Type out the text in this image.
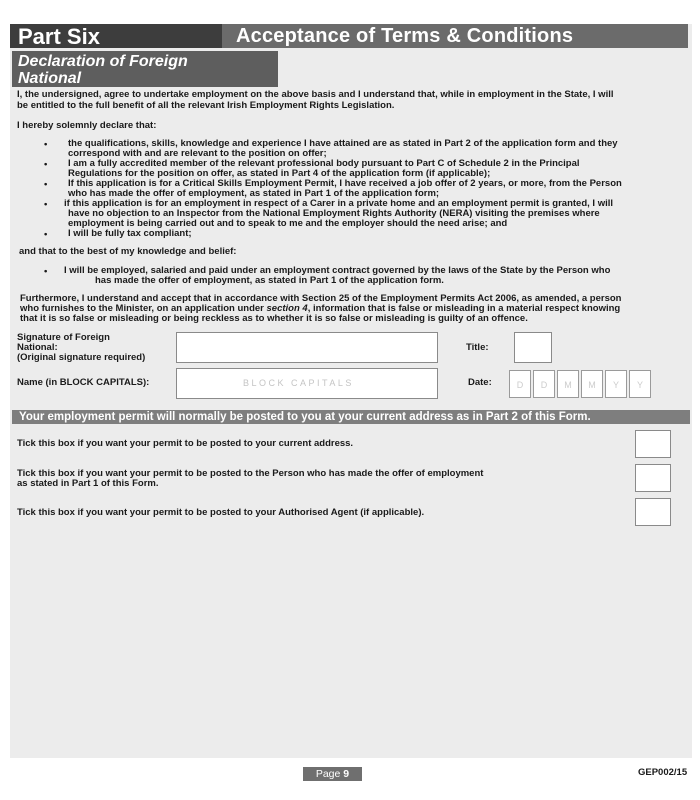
Part Six	Acceptance of Terms & Conditions
Declaration of Foreign
National
I, the undersigned, agree to undertake employment on the above basis and I understand that, while in employment in the State, I will
be entitled to the full benefit of all the relevant Irish Employment Rights Legislation.
I hereby solemnly declare that:
• the qualifications, skills, knowledge and experience I have attained are as stated in Part 2 of the application form and they
correspond with and are relevant to the position on offer;
• I am a fully accredited member of the relevant professional body pursuant to Part C of Schedule 2 in the Principal
Regulations for the position on offer, as stated in Part 4 of the application form (if applicable);
• If this application is for a Critical Skills Employment Permit, I have received a job offer of 2 years, or more, from the Person
who has made the offer of employment, as stated in Part 1 of the application form;
• if this application is for an employment in respect of a Carer in a private home and an employment permit is granted, I will
have no objection to an Inspector from the National Employment Rights Authority (NERA) visiting the premises where
employment is being carried out and to speak to me and the employer should the need arise; and
• I will be fully tax compliant;
and that to the best of my knowledge and belief:
• I will be employed, salaried and paid under an employment contract governed by the laws of the State by the Person who
has made the offer of employment, as stated in Part 1 of the application form.
Furthermore, I understand and accept that in accordance with Section 25 of the Employment Permits Act 2006, as amended, a person
who furnishes to the Minister, on an application under section 4, information that is false or misleading in a material respect knowing
that it is so false or misleading or being reckless as to whether it is so false or misleading is guilty of an offence.
Signature of Foreign
National:
(Original signature required)
Title:
Name (in BLOCK CAPITALS):	BLOCK CAPITALS	Date:	D	D	M	M	Y	Y
Your employment permit will normally be posted to you at your current address as in Part 2 of this Form.
Tick this box if you want your permit to be posted to your current address.
Tick this box if you want your permit to be posted to the Person who has made the offer of employment
as stated in Part 1 of this Form.
Tick this box if you want your permit to be posted to your Authorised Agent (if applicable).
Page 9	GEP002/15
